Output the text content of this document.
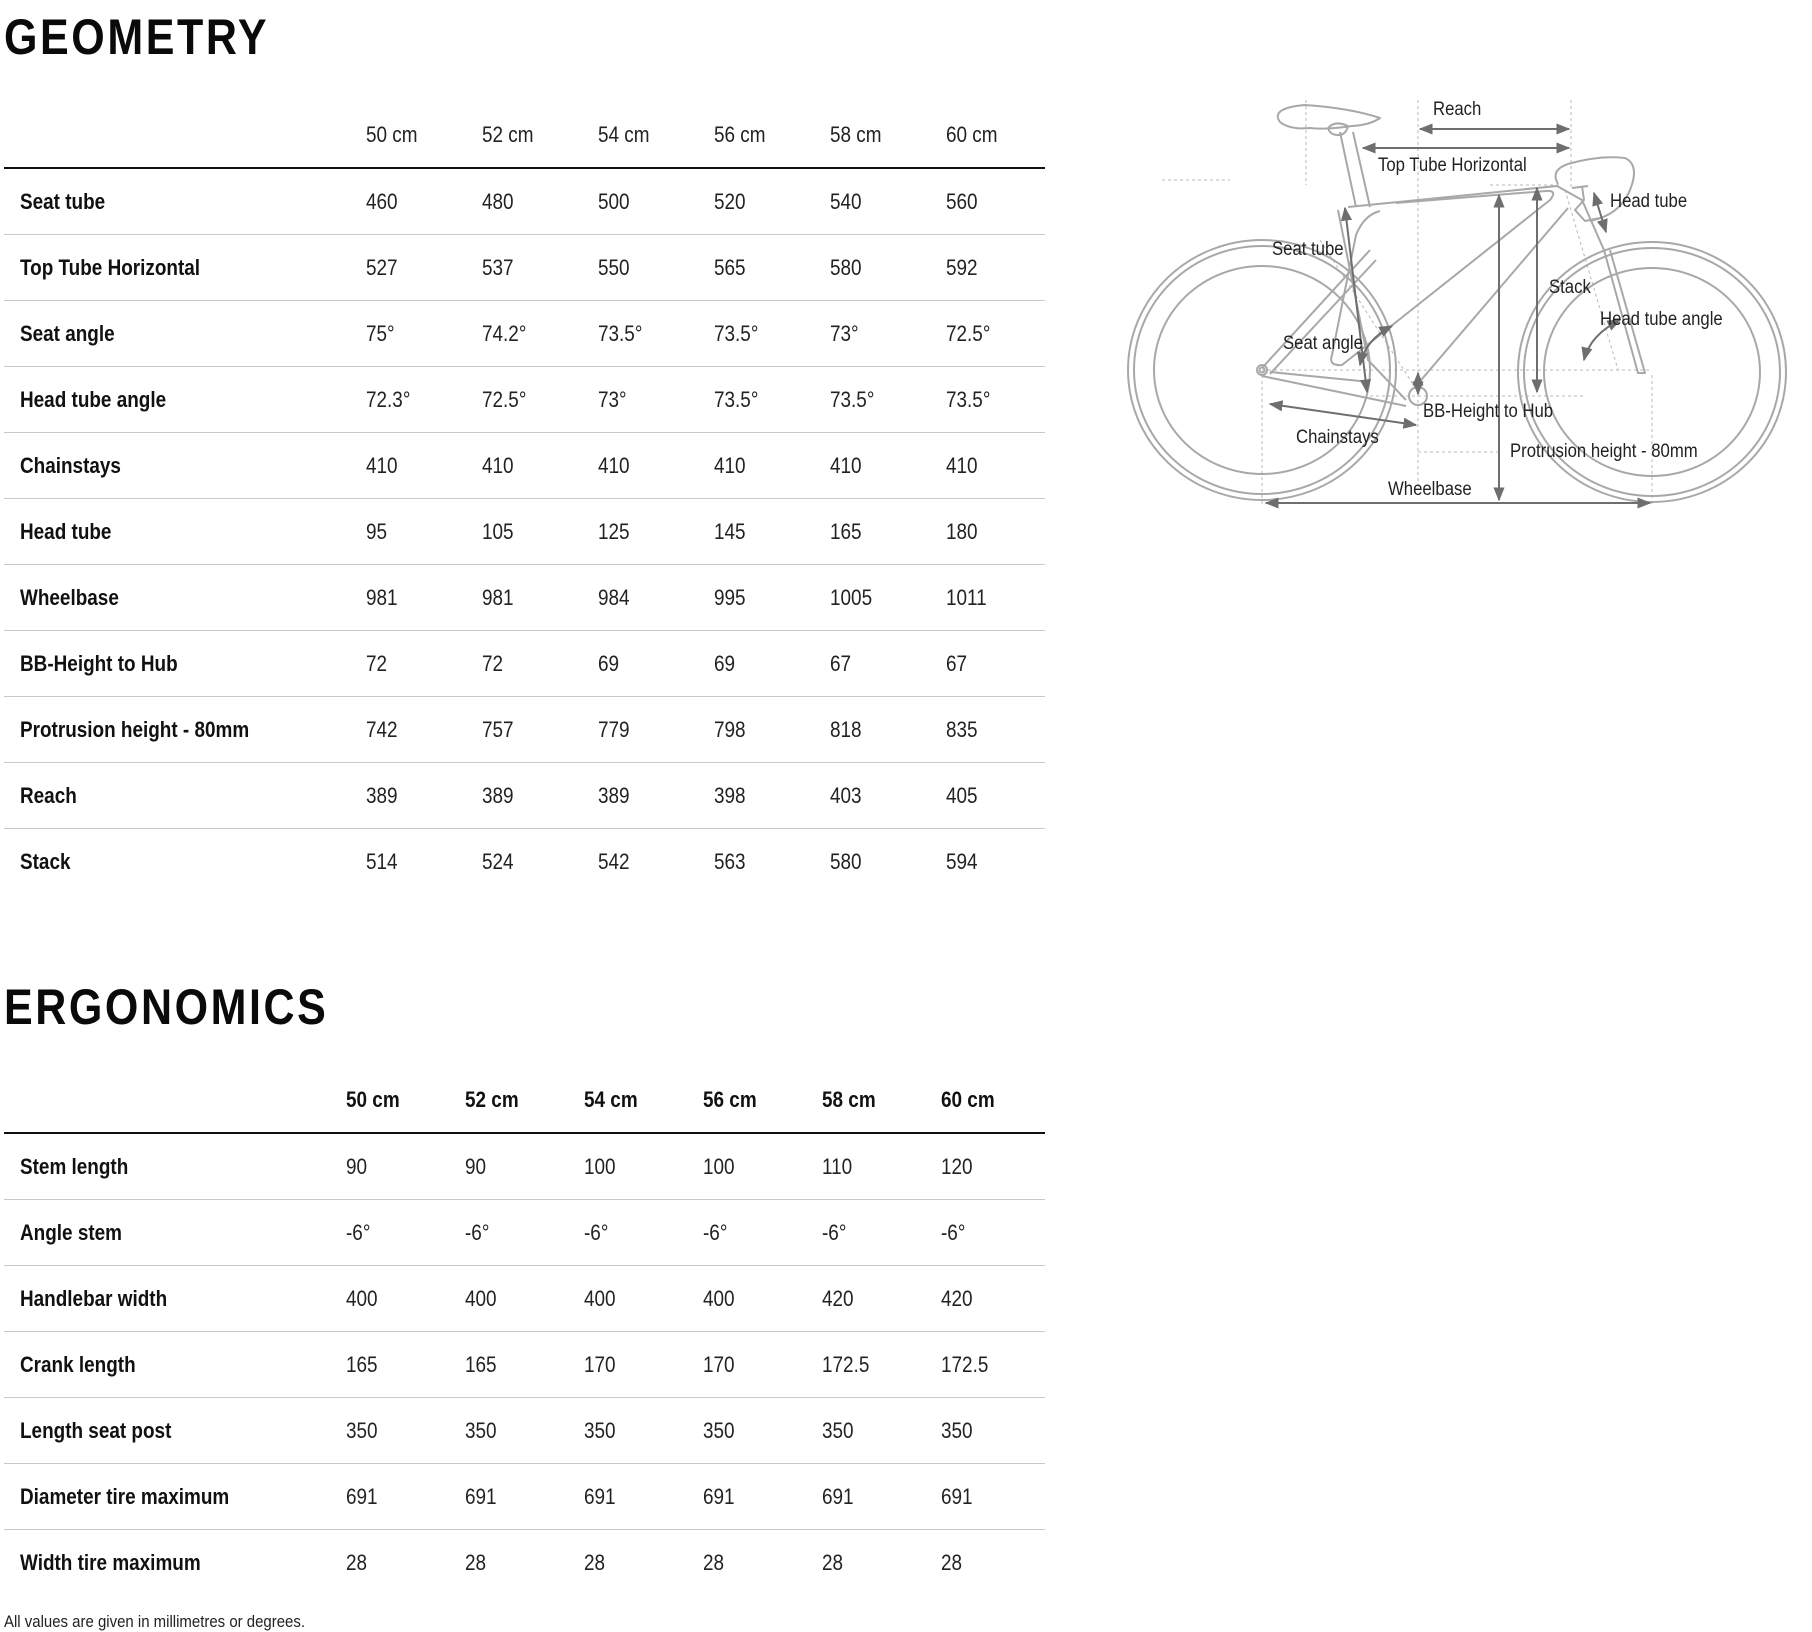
GEOMETRY
50 cm	52 cm	54 cm	56 cm	58 cm	60 cm
Seat tube	460	480	500	520	540	560
Top Tube Horizontal	527	537	550	565	580	592
Seat angle	75°	74.2°	73.5°	73.5°	73°	72.5°
Head tube angle	72.3°	72.5°	73°	73.5°	73.5°	73.5°
Chainstays	410	410	410	410	410	410
Head tube	95	105	125	145	165	180
Wheelbase	981	981	984	995	1005	1011
BB-Height to Hub	72	72	69	69	67	67
Protrusion height - 80mm	742	757	779	798	818	835
Reach	389	389	389	398	403	405
Stack	514	524	542	563	580	594
ERGONOMICS
50 cm	52 cm	54 cm	56 cm	58 cm	60 cm
Stem length	90	90	100	100	110	120
Angle stem	-6°	-6°	-6°	-6°	-6°	-6°
Handlebar width	400	400	400	400	420	420
Crank length	165	165	170	170	172.5	172.5
Length seat post	350	350	350	350	350	350
Diameter tire maximum	691	691	691	691	691	691
Width tire maximum	28	28	28	28	28	28
All values are given in millimetres or degrees.
Reach
Top Tube Horizontal
Head tube
Seat tube
Stack
Head tube angle
Seat angle
BB-Height to Hub
Chainstays
Protrusion height - 80mm
Wheelbase
